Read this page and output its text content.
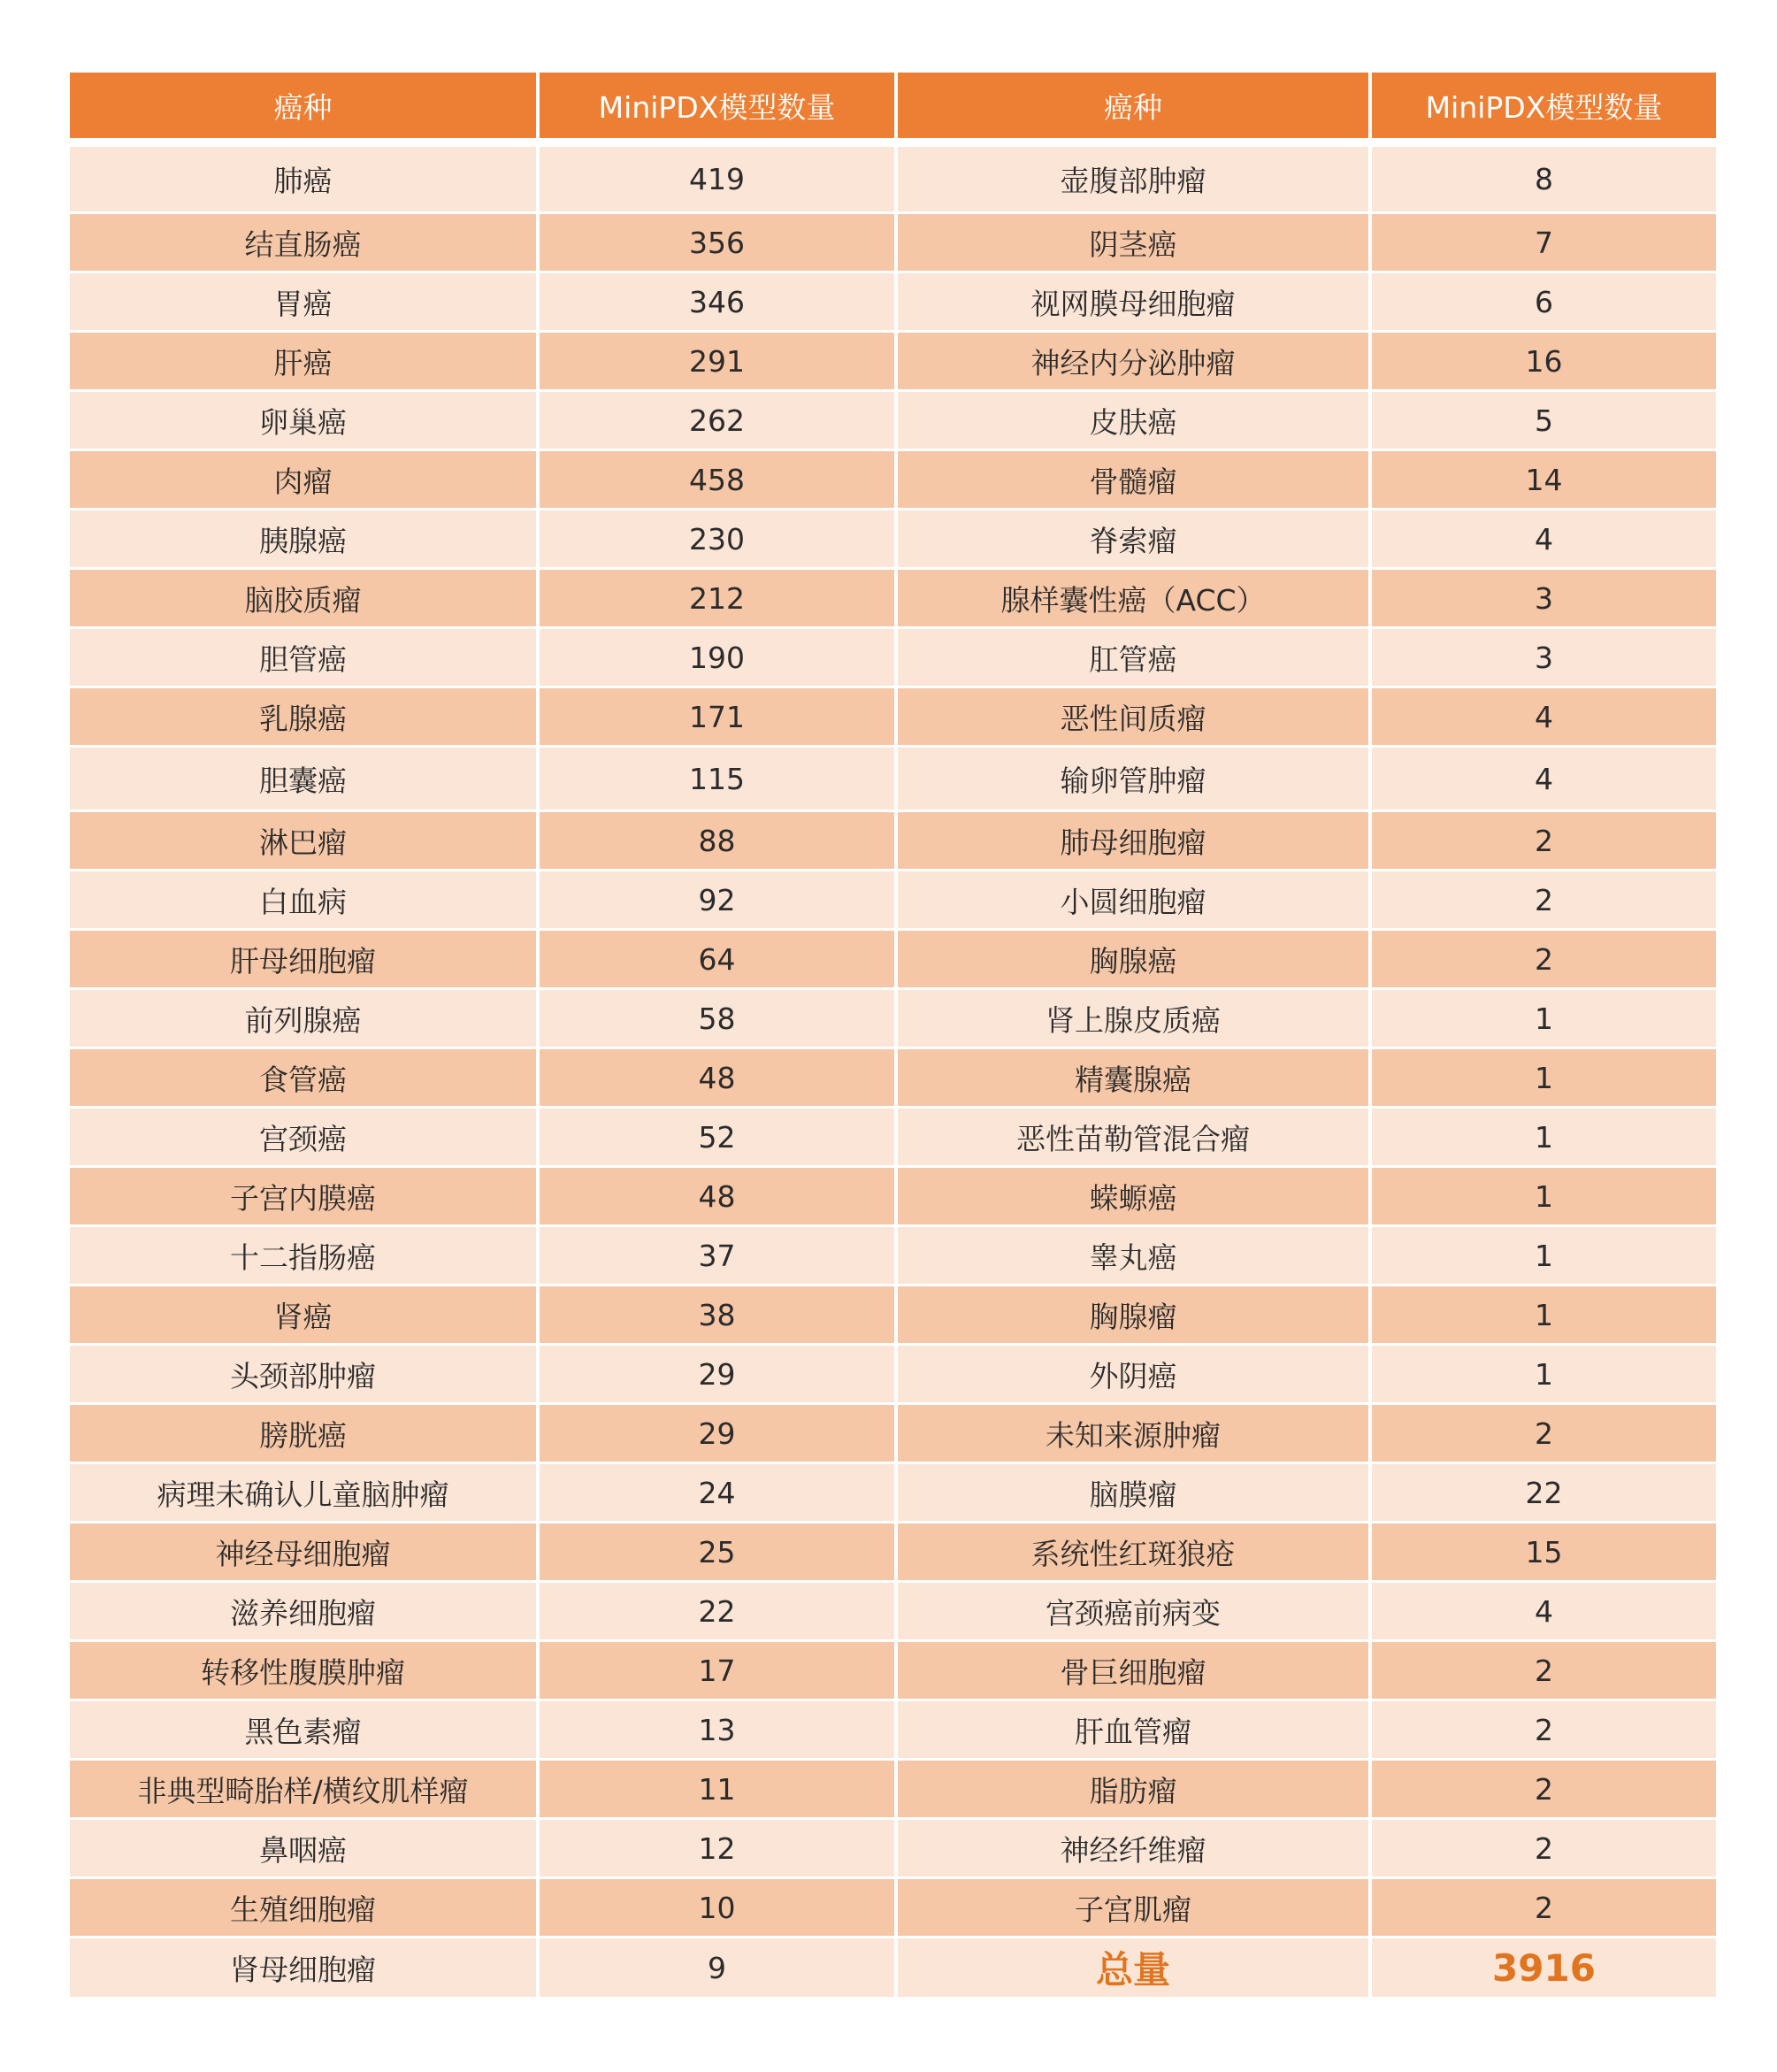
癌种	MiniPDX模型数量	癌种	MiniPDX模型数量
肺癌	419	壶腹部肿瘤	8
结直肠癌	356	阴茎癌	7
胃癌	346	视网膜母细胞瘤	6
肝癌	291	神经内分泌肿瘤	16
卵巢癌	262	皮肤癌	5
肉瘤	458	骨髓瘤	14
胰腺癌	230	脊索瘤	4
脑胶质瘤	212	腺样囊性癌（ACC）	3
胆管癌	190	肛管癌	3
乳腺癌	171	恶性间质瘤	4
胆囊癌	115	输卵管肿瘤	4
淋巴瘤	88	肺母细胞瘤	2
白血病	92	小圆细胞瘤	2
肝母细胞瘤	64	胸腺癌	2
前列腺癌	58	肾上腺皮质癌	1
食管癌	48	精囊腺癌	1
宫颈癌	52	恶性苗勒管混合瘤	1
子宫内膜癌	48	蝾螈癌	1
十二指肠癌	37	睾丸癌	1
肾癌	38	胸腺瘤	1
头颈部肿瘤	29	外阴癌	1
膀胱癌	29	未知来源肿瘤	2
病理未确认儿童脑肿瘤	24	脑膜瘤	22
神经母细胞瘤	25	系统性红斑狼疮	15
滋养细胞瘤	22	宫颈癌前病变	4
转移性腹膜肿瘤	17	骨巨细胞瘤	2
黑色素瘤	13	肝血管瘤	2
非典型畸胎样/横纹肌样瘤	11	脂肪瘤	2
鼻咽癌	12	神经纤维瘤	2
生殖细胞瘤	10	子宫肌瘤	2
肾母细胞瘤	9	总量	3916
